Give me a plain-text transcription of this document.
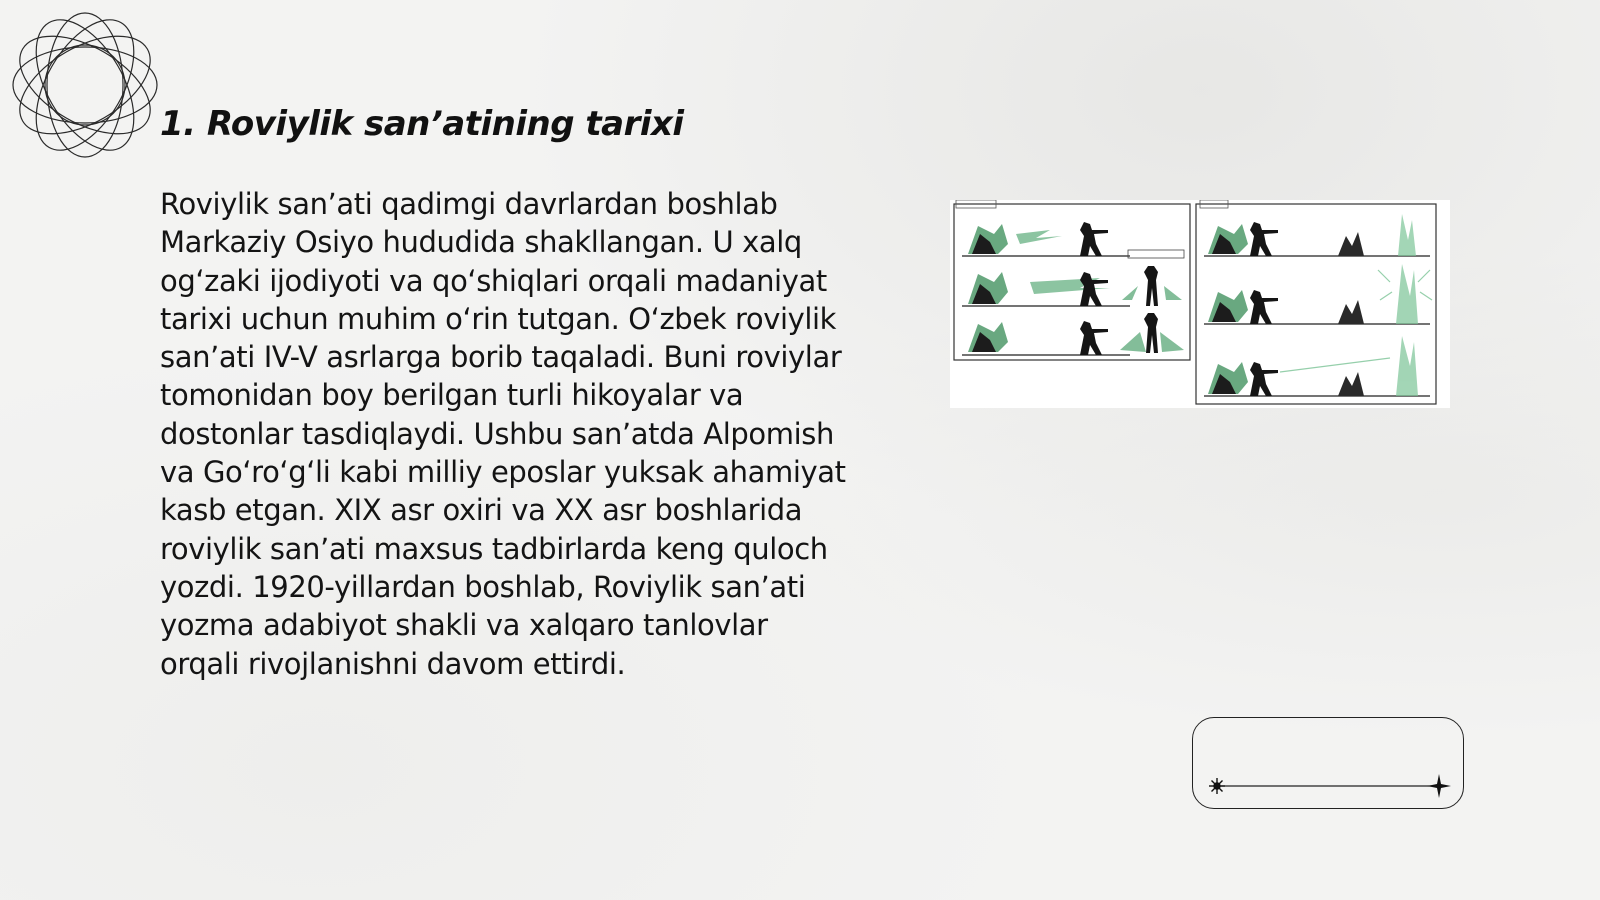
1. Roviylik san’atining tarixi

Roviylik san’ati qadimgi davrlardan boshlab Markaziy Osiyo hududida shakllangan. U xalq og‘zaki ijodiyoti va qo‘shiqlari orqali madaniyat tarixi uchun muhim o‘rin tutgan. O‘zbek roviylik san’ati IV-V asrlarga borib taqaladi. Buni roviylar tomonidan boy berilgan turli hikoyalar va dostonlar tasdiqlaydi. Ushbu san’atda Alpomish va Go‘ro‘g‘li kabi milliy eposlar yuksak ahamiyat kasb etgan. XIX asr oxiri va XX asr boshlarida roviylik san’ati maxsus tadbirlarda keng quloch yozdi. 1920-yillardan boshlab, Roviylik san’ati yozma adabiyot shakli va xalqaro tanlovlar orqali rivojlanishni davom ettirdi.
